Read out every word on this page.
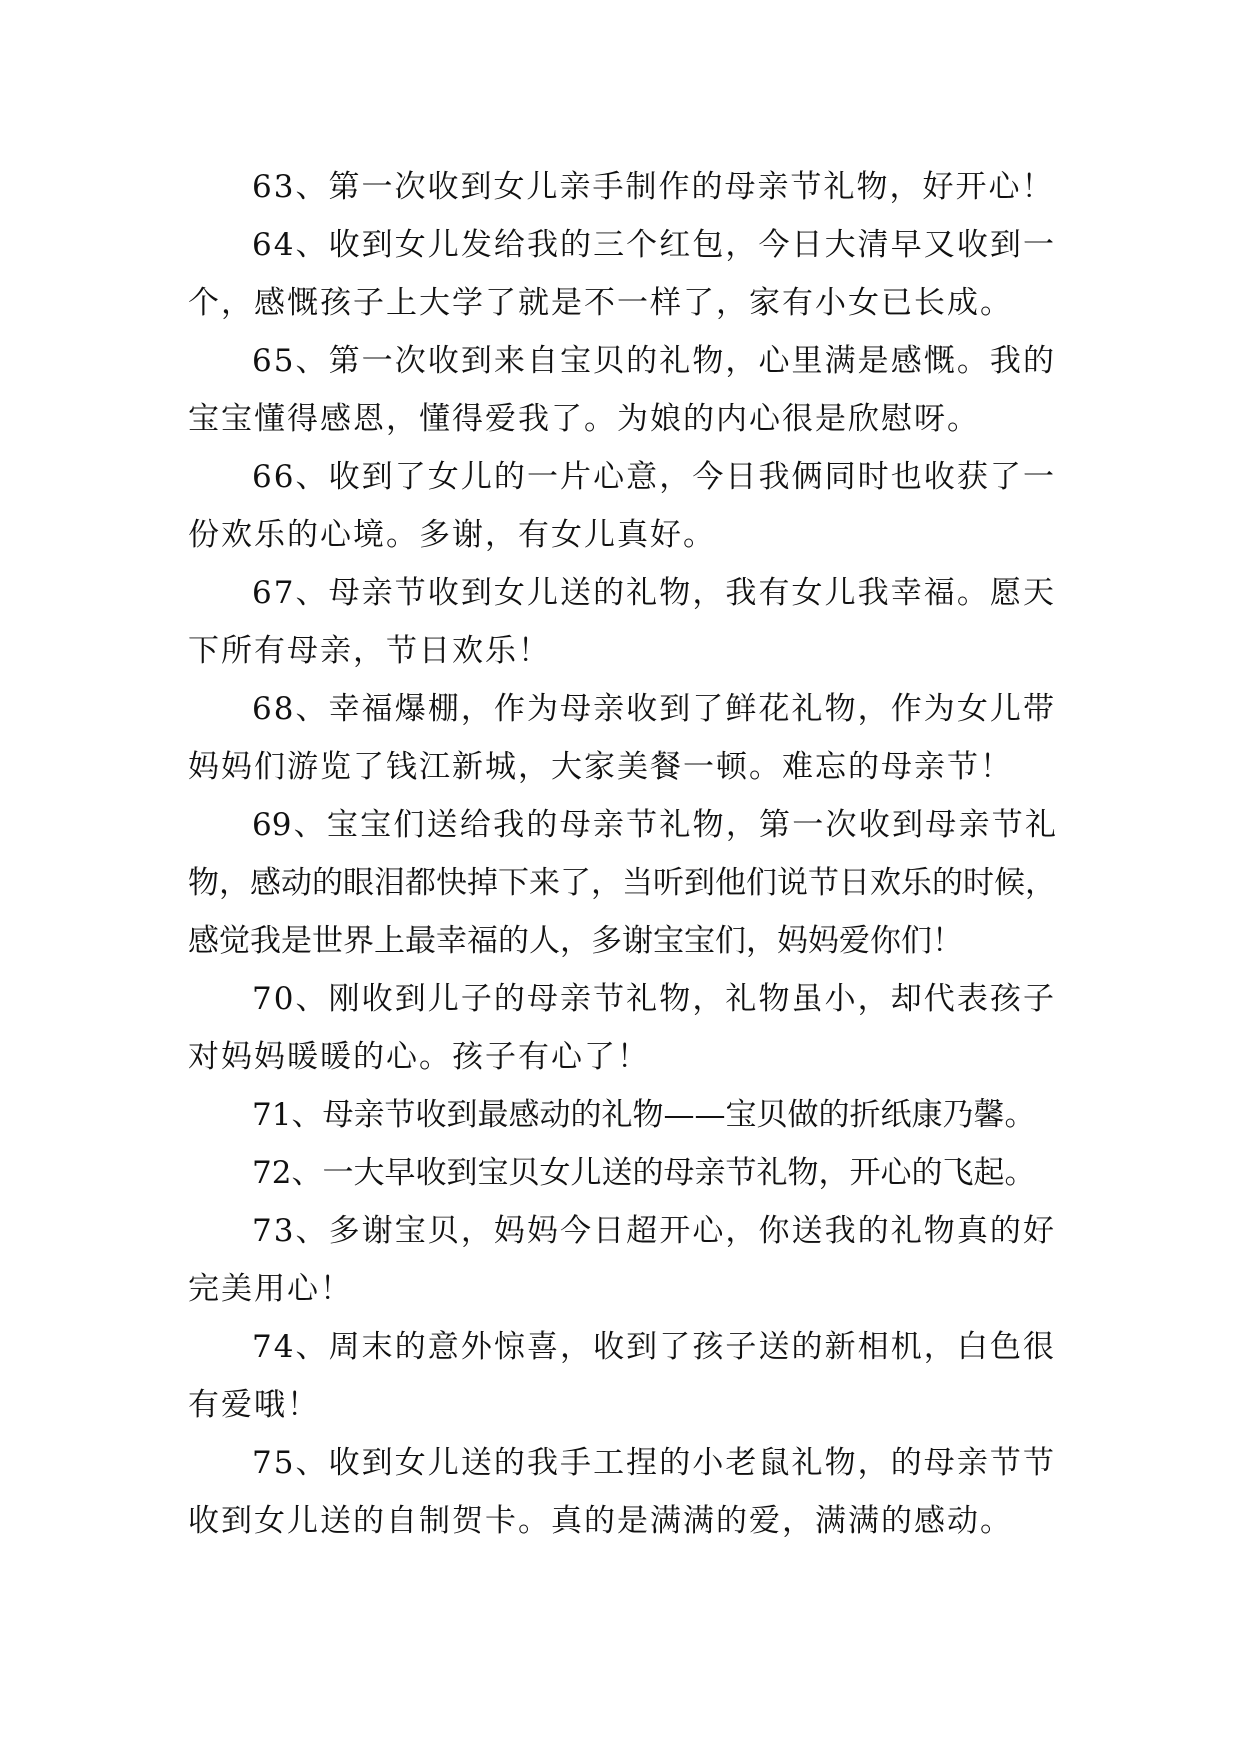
63、第一次收到女儿亲手制作的母亲节礼物，好开心！

64、收到女儿发给我的三个红包，今日大清早又收到一个，感慨孩子上大学了就是不一样了，家有小女已长成。

65、第一次收到来自宝贝的礼物，心里满是感慨。我的宝宝懂得感恩，懂得爱我了。为娘的内心很是欣慰呀。

66、收到了女儿的一片心意，今日我俩同时也收获了一份欢乐的心境。多谢，有女儿真好。

67、母亲节收到女儿送的礼物，我有女儿我幸福。愿天下所有母亲，节日欢乐！

68、幸福爆棚，作为母亲收到了鲜花礼物，作为女儿带妈妈们游览了钱江新城，大家美餐一顿。难忘的母亲节！

69、宝宝们送给我的母亲节礼物，第一次收到母亲节礼物，感动的眼泪都快掉下来了，当听到他们说节日欢乐的时候，感觉我是世界上最幸福的人，多谢宝宝们，妈妈爱你们！

70、刚收到儿子的母亲节礼物，礼物虽小，却代表孩子对妈妈暖暖的心。孩子有心了！

71、母亲节收到最感动的礼物——宝贝做的折纸康乃馨。

72、一大早收到宝贝女儿送的母亲节礼物，开心的飞起。

73、多谢宝贝，妈妈今日超开心，你送我的礼物真的好完美用心！

74、周末的意外惊喜，收到了孩子送的新相机，白色很有爱哦！

75、收到女儿送的我手工捏的小老鼠礼物，的母亲节节收到女儿送的自制贺卡。真的是满满的爱，满满的感动。
